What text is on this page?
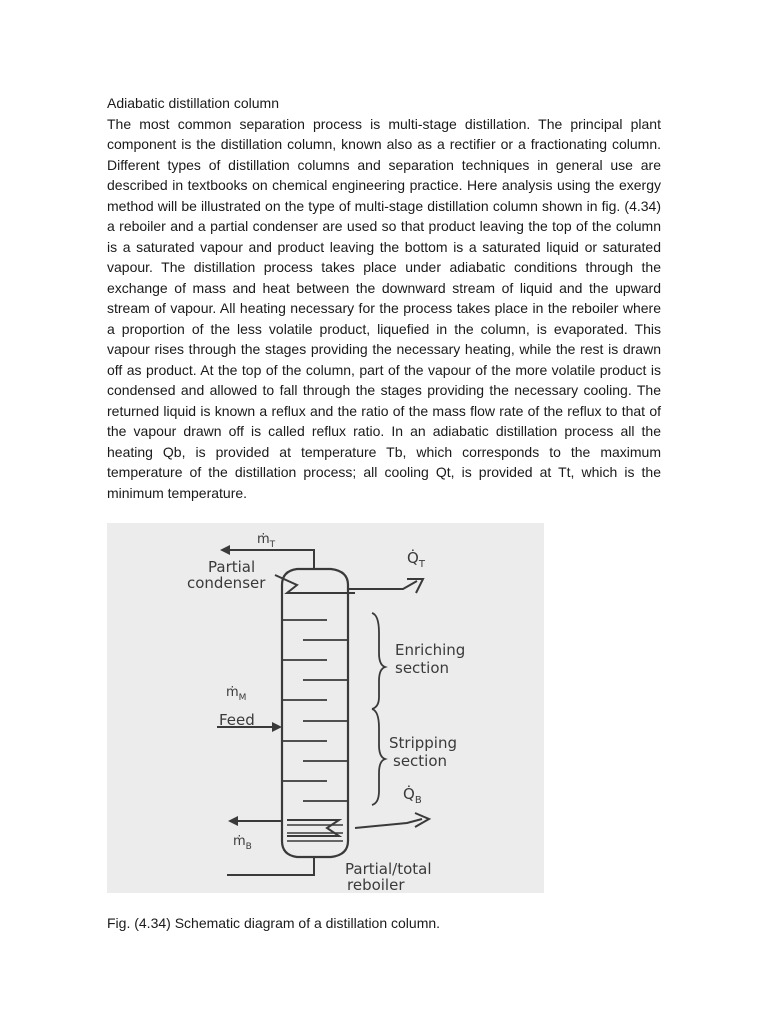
Adiabatic distillation column

The most common separation process is multi-stage distillation. The principal plant component is the distillation column, known also as a rectifier or a fractionating column. Different types of distillation columns and separation techniques in general use are described in textbooks on chemical engineering practice. Here analysis using the exergy method will be illustrated on the type of multi-stage distillation column shown in fig. (4.34) a reboiler and a partial condenser are used so that product leaving the top of the column is a saturated vapour and product leaving the bottom is a saturated liquid or saturated vapour. The distillation process takes place under adiabatic conditions through the exchange of mass and heat between the downward stream of liquid and the upward stream of vapour. All heating necessary for the process takes place in the reboiler where a proportion of the less volatile product, liquefied in the column, is evaporated. This vapour rises through the stages providing the necessary heating, while the rest is drawn off as product. At the top of the column, part of the vapour of the more volatile product is condensed and allowed to fall through the stages providing the necessary cooling. The returned liquid is known a reflux and the ratio of the mass flow rate of the reflux to that of the vapour drawn off is called reflux ratio. In an adiabatic distillation process all the heating Qb, is provided at temperature Tb, which corresponds to the maximum temperature of the distillation process; all cooling Qt, is provided at Tt, which is the minimum temperature.

ṁ$_T$
Partial
condenser
$Q̇_T$
Enriching
section
ṁ$_M$
Feed
Stripping
section
$Q̇_B$
ṁ$_B$
Partial/total
reboiler

Fig. (4.34) Schematic diagram of a distillation column.
